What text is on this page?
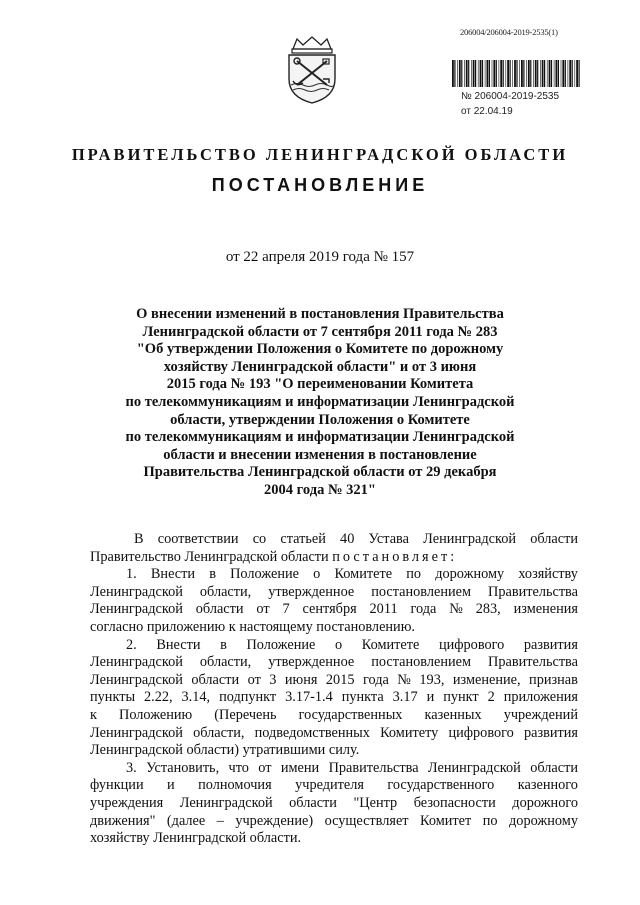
206004/206004-2019-2535(1)
№ 206004-2019-2535
от 22.04.19
ПРАВИТЕЛЬСТВО ЛЕНИНГРАДСКОЙ ОБЛАСТИ
ПОСТАНОВЛЕНИЕ
от 22 апреля 2019 года № 157
О внесении изменений в постановления Правительства
Ленинградской области от 7 сентября 2011 года № 283
"Об утверждении Положения о Комитете по дорожному
хозяйству Ленинградской области" и от 3 июня
2015 года № 193 "О переименовании Комитета
по телекоммуникациям и информатизации Ленинградской
области, утверждении Положения о Комитете
по телекоммуникациям и информатизации Ленинградской
области и внесении изменения в постановление
Правительства Ленинградской области от 29 декабря
2004 года № 321"
В соответствии со статьей 40 Устава Ленинградской области
Правительство Ленинградской области
постановляет:
1. Внести в Положение о Комитете по дорожному хозяйству
Ленинградской области, утвержденное постановлением Правительства
Ленинградской области от 7 сентября 2011 года № 283, изменения
согласно приложению к настоящему постановлению.
2. Внести в Положение о Комитете цифрового развития
Ленинградской области, утвержденное постановлением Правительства
Ленинградской области от 3 июня 2015 года № 193, изменение, признав
пункты 2.22, 3.14, подпункт 3.17-1.4 пункта 3.17 и пункт 2 приложения
к Положению (Перечень государственных казенных учреждений
Ленинградской области, подведомственных Комитету цифрового развития
Ленинградской области) утратившими силу.
3. Установить, что от имени Правительства Ленинградской области
функции и полномочия учредителя государственного казенного
учреждения Ленинградской области "Центр безопасности дорожного
движения" (далее – учреждение) осуществляет Комитет по дорожному
хозяйству Ленинградской области.
